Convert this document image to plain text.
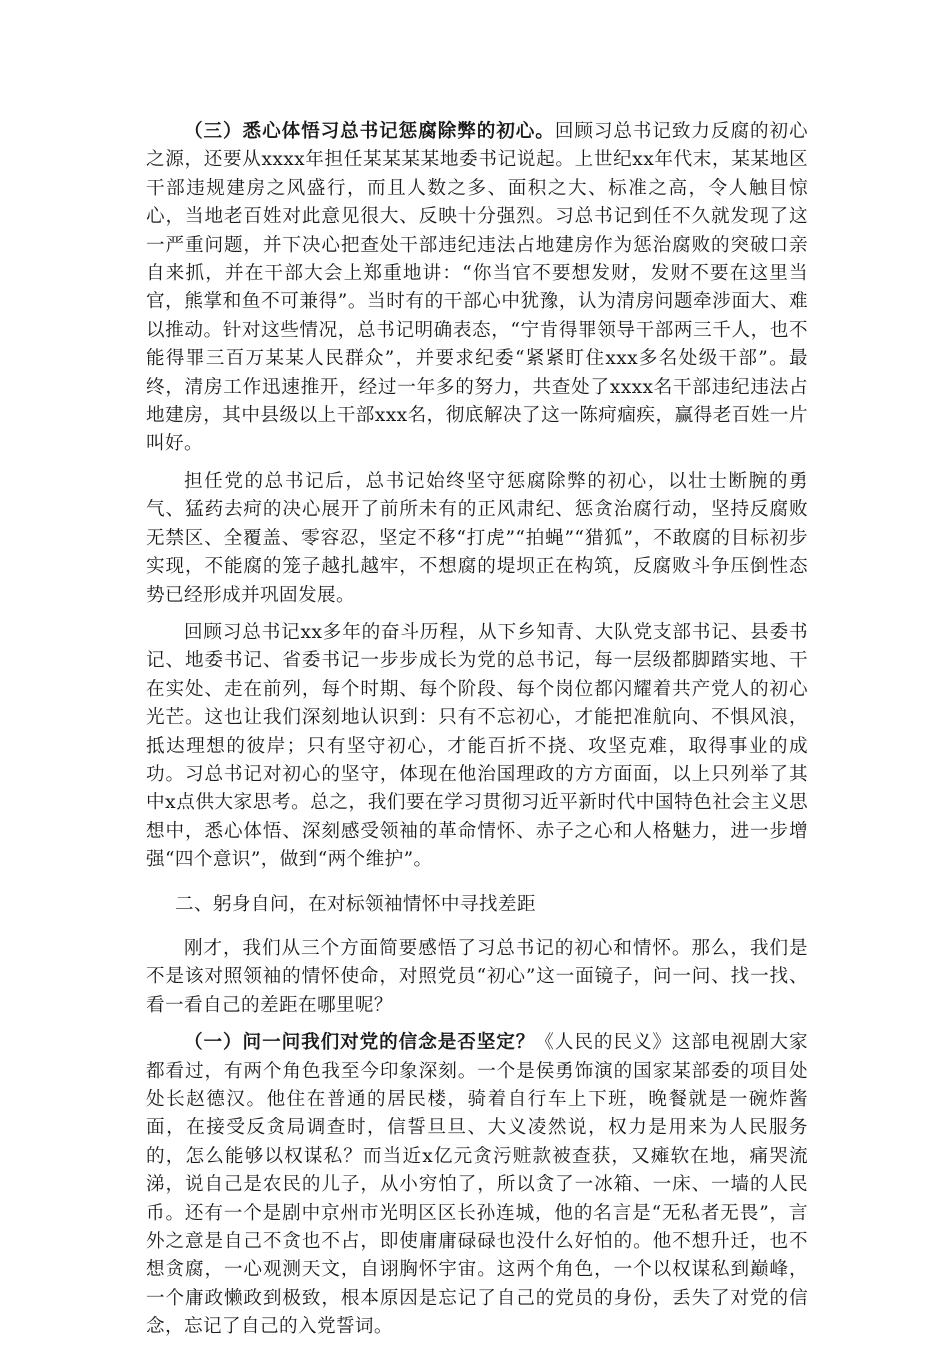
（三）悉心体悟习总书记惩腐除弊的初心。回顾习总书记致力反腐的初心之源，还要从xxxx年担任某某某某地委书记说起。上世纪xx年代末，某某地区干部违规建房之风盛行，而且人数之多、面积之大、标准之高，令人触目惊心，当地老百姓对此意见很大、反映十分强烈。习总书记到任不久就发现了这一严重问题，并下决心把查处干部违纪违法占地建房作为惩治腐败的突破口亲自来抓，并在干部大会上郑重地讲：“你当官不要想发财，发财不要在这里当官，熊掌和鱼不可兼得”。当时有的干部心中犹豫，认为清房问题牵涉面大、难以推动。针对这些情况，总书记明确表态，“宁肯得罪领导干部两三千人，也不能得罪三百万某某人民群众”，并要求纪委“紧紧盯住xxx多名处级干部”。最终，清房工作迅速推开，经过一年多的努力，共查处了xxxx名干部违纪违法占地建房，其中县级以上干部xxx名，彻底解决了这一陈疴痼疾，赢得老百姓一片叫好。

担任党的总书记后，总书记始终坚守惩腐除弊的初心，以壮士断腕的勇气、猛药去疴的决心展开了前所未有的正风肃纪、惩贪治腐行动，坚持反腐败无禁区、全覆盖、零容忍，坚定不移“打虎”“拍蝇”“猎狐”，不敢腐的目标初步实现，不能腐的笼子越扎越牢，不想腐的堤坝正在构筑，反腐败斗争压倒性态势已经形成并巩固发展。

回顾习总书记xx多年的奋斗历程，从下乡知青、大队党支部书记、县委书记、地委书记、省委书记一步步成长为党的总书记，每一层级都脚踏实地、干在实处、走在前列，每个时期、每个阶段、每个岗位都闪耀着共产党人的初心光芒。这也让我们深刻地认识到：只有不忘初心，才能把准航向、不惧风浪，抵达理想的彼岸；只有坚守初心，才能百折不挠、攻坚克难，取得事业的成功。习总书记对初心的坚守，体现在他治国理政的方方面面，以上只列举了其中x点供大家思考。总之，我们要在学习贯彻习近平新时代中国特色社会主义思想中，悉心体悟、深刻感受领袖的革命情怀、赤子之心和人格魅力，进一步增强“四个意识”，做到“两个维护”。

二、躬身自问，在对标领袖情怀中寻找差距

刚才，我们从三个方面简要感悟了习总书记的初心和情怀。那么，我们是不是该对照领袖的情怀使命，对照党员“初心”这一面镜子，问一问、找一找、看一看自己的差距在哪里呢？

（一）问一问我们对党的信念是否坚定？《人民的民义》这部电视剧大家都看过，有两个角色我至今印象深刻。一个是侯勇饰演的国家某部委的项目处处长赵德汉。他住在普通的居民楼，骑着自行车上下班，晚餐就是一碗炸酱面，在接受反贪局调查时，信誓旦旦、大义凌然说，权力是用来为人民服务的，怎么能够以权谋私？而当近x亿元贪污赃款被查获，又瘫软在地，痛哭流涕，说自己是农民的儿子，从小穷怕了，所以贪了一冰箱、一床、一墙的人民币。还有一个是剧中京州市光明区区长孙连城，他的名言是“无私者无畏”，言外之意是自己不贪也不占，即使庸庸碌碌也没什么好怕的。他不想升迁，也不想贪腐，一心观测天文，自诩胸怀宇宙。这两个角色，一个以权谋私到巅峰，一个庸政懒政到极致，根本原因是忘记了自己的党员的身份，丢失了对党的信念，忘记了自己的入党誓词。
